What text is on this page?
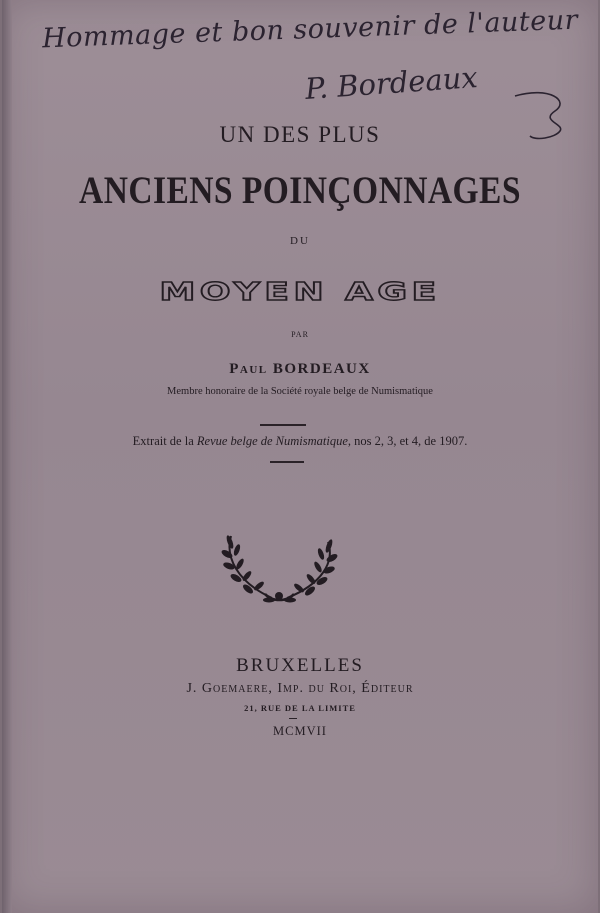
Hommage et bon souvenir de l'auteur
P. Bordeaux
UN DES PLUS
ANCIENS POINÇONNAGES
DU
MOYEN AGE
PAR
Paul BORDEAUX
Membre honoraire de la Société royale belge de Numismatique
Extrait de la Revue belge de Numismatique, nos 2, 3, et 4, de 1907.
BRUXELLES
J. Goemaere, Imp. du Roi, Éditeur
21, RUE DE LA LIMITE
MCMVII
